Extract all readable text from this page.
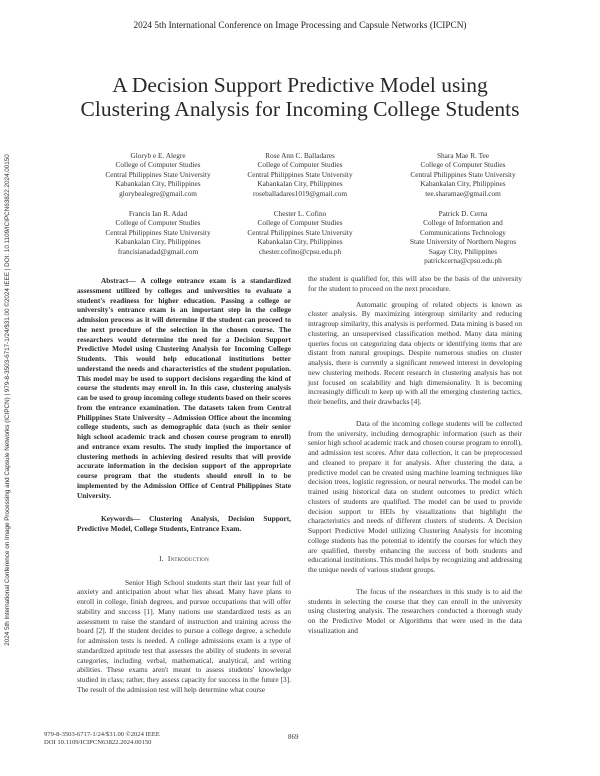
2024 5th International Conference on Image Processing and Capsule Networks (ICIPCN) | 979-8-3503-6717-1/24/$31.00 ©2024 IEEE | DOI: 10.1109/ICIPCN63822.2024.00150
2024 5th International Conference on Image Processing and Capsule Networks (ICIPCN)
A Decision Support Predictive Model using
Clustering Analysis for Incoming College Students
Gloryb e E. Alegre
College of Computer Studies
Central Philippines State University
Kabankalan City, Philippines
glorybealegre@gmail.com
Rose Ann C. Balladares
College of Computer Studies
Central Philippines State University
Kabankalan City, Philippines
roseballadares1019@gmail.com
Shara Mae R. Tee
College of Computer Studies
Central Philippines State University
Kabankalan City, Philippines
tee.sharamae@gmail.com
Francis Ian R. Adad
College of Computer Studies
Central Philippines State University
Kabankalan City, Philippines
francisianadad@gmail.com
Chester L. Cofino
College of Computer Studies
Central Philippines State University
Kabankalan City, Philippines
chester.cofino@cpsu.edu.ph
Patrick D. Cerna
College of Information and
Communications Technology
State University of Northern Negros
Sagay City, Philippines
patrickcerna@cpsu.edu.ph

Abstract— A college entrance exam is a standardized assessment utilized by colleges and universities to evaluate a student's readiness for higher education. Passing a college or university's entrance exam is an important step in the college admission process as it will determine if the student can proceed to the next procedure of the selection in the chosen course. The researchers would determine the need for a Decision Support Predictive Model using Clustering Analysis for Incoming College Students. This would help educational institutions better understand the needs and characteristics of the student population. This model may be used to support decisions regarding the kind of course the students may enroll in. In this case, clustering analysis can be used to group incoming college students based on their scores from the entrance examination. The datasets taken from Central Philippines State University – Admission Office about the incoming college students, such as demographic data (such as their senior high school academic track and chosen course program to enroll) and entrance exam results. The study implied the importance of clustering methods in achieving desired results that will provide accurate information in the decision support of the appropriate course program that the students should enroll in to be implemented by the Admission Office of Central Philippines State University.

Keywords— Clustering Analysis, Decision Support, Predictive Model, College Students, Entrance Exam.

I. Introduction

Senior High School students start their last year full of anxiety and anticipation about what lies ahead. Many have plans to enroll in college, finish degrees, and pursue occupations that will offer stability and success [1]. Many nations use standardized tests as an assessment to raise the standard of instruction and training across the board [2]. If the student decides to pursue a college degree, a schedule for admission tests is needed. A college admissions exam is a type of standardized aptitude test that assesses the ability of students in several categories, including verbal, mathematical, analytical, and writing abilities. These exams aren't meant to assess students' knowledge studied in class; rather, they assess capacity for success in the future [3]. The result of the admission test will help determine what course

the student is qualified for, this will also be the basis of the university for the student to proceed on the next procedure.

Automatic grouping of related objects is known as cluster analysis. By maximizing intergroup similarity and reducing intragroup similarity, this analysis is performed. Data mining is based on clustering, an unsupervised classification method. Many data mining queries focus on categorizing data objects or identifying items that are distant from natural groupings. Despite numerous studies on cluster analysis, there is currently a significant renewed interest in developing new clustering methods. Recent research in clustering analysis has not just focused on scalability and high dimensionality. It is becoming increasingly difficult to keep up with all the emerging clustering tactics, their benefits, and their drawbacks [4].

Data of the incoming college students will be collected from the university, including demographic information (such as their senior high school academic track and chosen course program to enroll), and admission test scores. After data collection, it can be preprocessed and cleaned to prepare it for analysis. After clustering the data, a predictive model can be created using machine learning techniques like decision trees, logistic regression, or neural networks. The model can be trained using historical data on student outcomes to predict which clusters of students are qualified. The model can be used to provide decision support to HEIs by visualizations that highlight the characteristics and needs of different clusters of students. A Decision Support Predictive Model utilizing Clustering Analysis for incoming college students has the potential to identify the courses for which they are qualified, thereby enhancing the success of both students and educational institutions. This model helps by recognizing and addressing the unique needs of various student groups.

The focus of the researchers in this study is to aid the students in selecting the course that they can enroll in the university using clustering analysis. The researchers conducted a thorough study on the Predictive Model or Algorithms that were used in the data visualization and

979-8-3503-6717-1/24/$31.00 ©2024 IEEE
DOI 10.1109/ICIPCN63822.2024.00150
869
